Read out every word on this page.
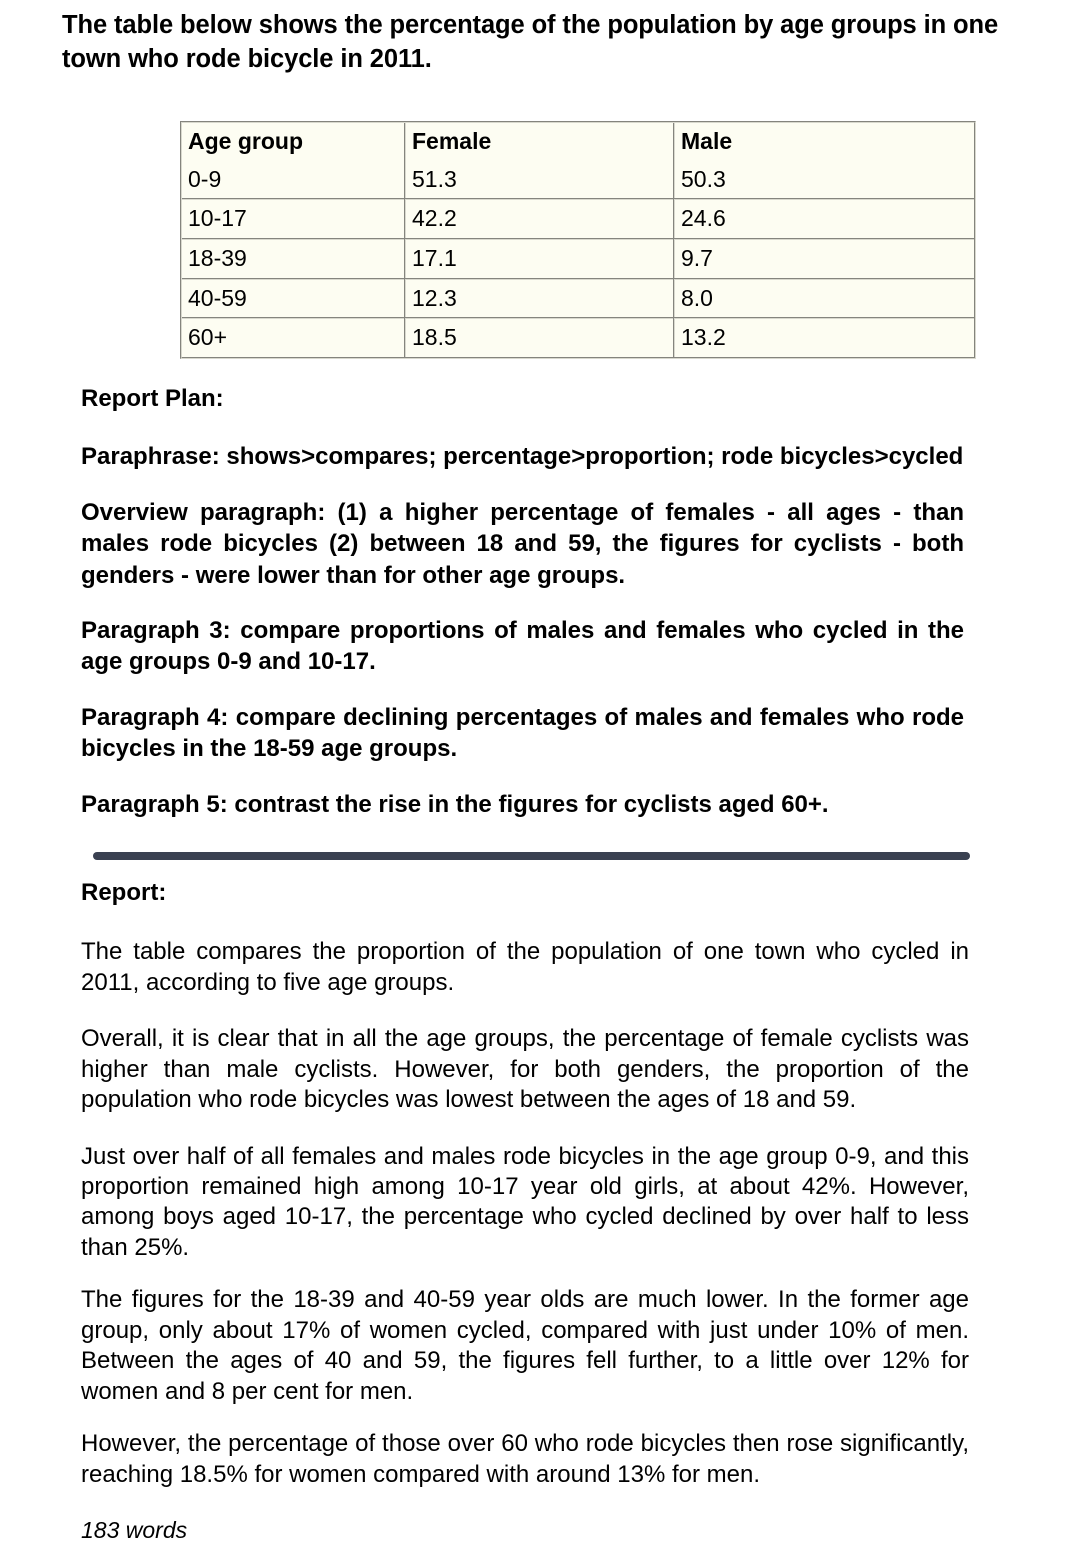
The table below shows the percentage of the population by age groups in one town who rode bicycle in 2011.
Age group	Female	Male
0-9	51.3	50.3
10-17	42.2	24.6
18-39	17.1	9.7
40-59	12.3	8.0
60+	18.5	13.2
Report Plan:

Paraphrase: shows>compares; percentage>proportion; rode bicycles>cycled

Overview paragraph: (1) a higher percentage of females - all ages - than males rode bicycles (2) between 18 and 59, the figures for cyclists - both genders - were lower than for other age groups.

Paragraph 3: compare proportions of males and females who cycled in the age groups 0-9 and 10-17.

Paragraph 4: compare declining percentages of males and females who rode bicycles in the 18-59 age groups.

Paragraph 5: contrast the rise in the figures for cyclists aged 60+.

Report:

The table compares the proportion of the population of one town who cycled in 2011, according to five age groups.

Overall, it is clear that in all the age groups, the percentage of female cyclists was higher than male cyclists. However, for both genders, the proportion of the population who rode bicycles was lowest between the ages of 18 and 59.

Just over half of all females and males rode bicycles in the age group 0-9, and this proportion remained high among 10-17 year old girls, at about 42%. However, among boys aged 10-17, the percentage who cycled declined by over half to less than 25%.

The figures for the 18-39 and 40-59 year olds are much lower. In the former age group, only about 17% of women cycled, compared with just under 10% of men. Between the ages of 40 and 59, the figures fell further, to a little over 12% for women and 8 per cent for men.

However, the percentage of those over 60 who rode bicycles then rose significantly, reaching 18.5% for women compared with around 13% for men.

183 words
